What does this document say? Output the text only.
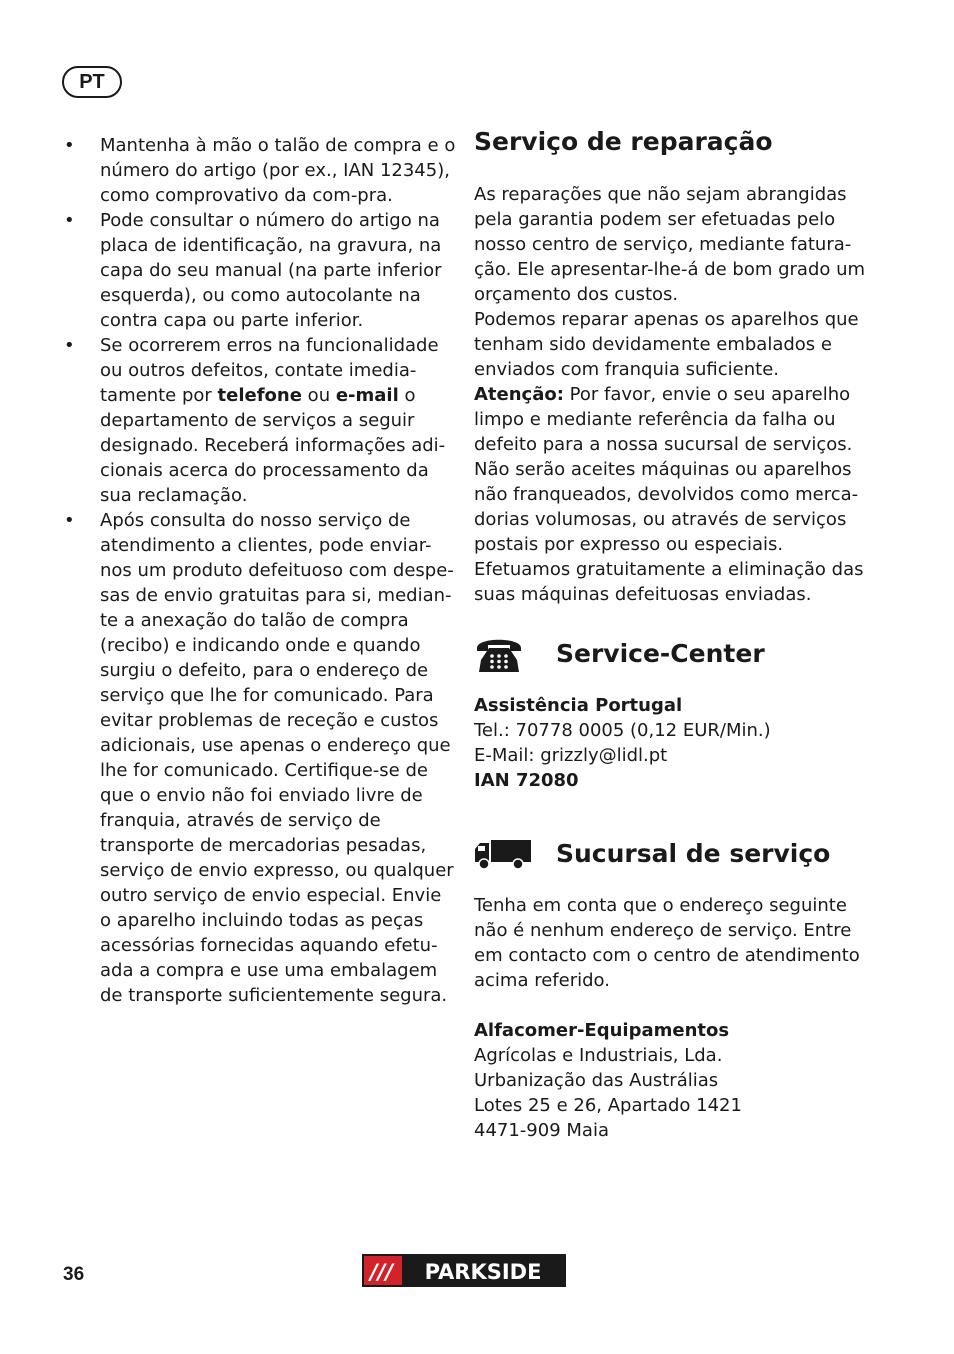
PT
• Mantenha à mão o talão de compra e o número do artigo (por ex., IAN 12345), como comprovativo da com-pra.
• Pode consultar o número do artigo na placa de identificação, na gravura, na capa do seu manual (na parte inferior esquerda), ou como autocolante na contra capa ou parte inferior.
• Se ocorrerem erros na funcionalidade ou outros defeitos, contate imedia-tamente por telefone ou e-mail o departamento de serviços a seguir designado. Receberá informações adi-cionais acerca do processamento da sua reclamação.
• Após consulta do nosso serviço de atendimento a clientes, pode enviar-nos um produto defeituoso com despe-sas de envio gratuitas para si, median-te a anexação do talão de compra (recibo) e indicando onde e quando surgiu o defeito, para o endereço de serviço que lhe for comunicado. Para evitar problemas de receção e custos adicionais, use apenas o endereço que lhe for comunicado. Certifique-se de que o envio não foi enviado livre de franquia, através de serviço de transporte de mercadorias pesadas, serviço de envio expresso, ou qualquer outro serviço de envio especial. Envie o aparelho incluindo todas as peças acessórias fornecidas aquando efetu-ada a compra e use uma embalagem de transporte suficientemente segura.
Serviço de reparação

As reparações que não sejam abrangidas pela garantia podem ser efetuadas pelo nosso centro de serviço, mediante fatura-ção. Ele apresentar-lhe-á de bom grado um orçamento dos custos.

Podemos reparar apenas os aparelhos que tenham sido devidamente embalados e enviados com franquia suficiente.

Atenção: Por favor, envie o seu aparelho limpo e mediante referência da falha ou defeito para a nossa sucursal de serviços. Não serão aceites máquinas ou aparelhos não franqueados, devolvidos como merca-dorias volumosas, ou através de serviços postais por expresso ou especiais. Efetuamos gratuitamente a eliminação das suas máquinas defeituosas enviadas.

Service-Center

Assistência Portugal

Tel.: 70778 0005 (0,12 EUR/Min.)

E-Mail: grizzly@lidl.pt

IAN 72080

Sucursal de serviço

Tenha em conta que o endereço seguinte não é nenhum endereço de serviço. Entre em contacto com o centro de atendimento acima referido.

Alfacomer-Equipamentos

Agrícolas e Industriais, Lda.

Urbanização das Austrálias

Lotes 25 e 26, Apartado 1421

4471-909 Maia

36	/// PARKSIDE
